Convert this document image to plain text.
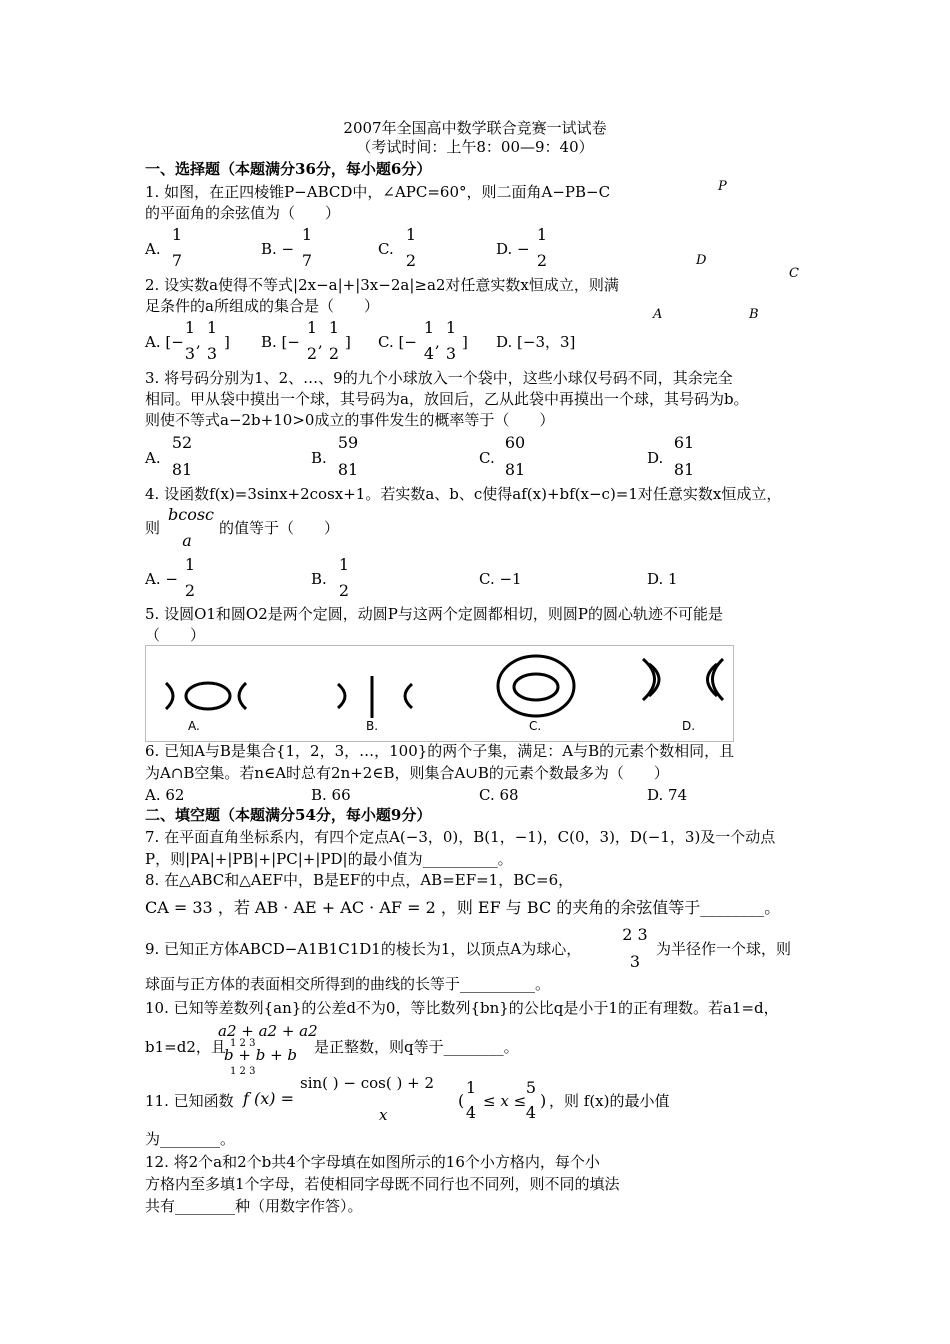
2007年全国高中数学联合竞赛一试试卷
（考试时间：上午8：00—9：40）
一、选择题（本题满分36分，每小题6分）
1. 如图，在正四棱锥P−ABCD中，∠APC=60°，则二面角A−PB−C
的平面角的余弦值为（　　）
A.
1
7
B. −
1
7
C.
1
2
D. −
1
2
P
D
C
A	B
2. 设实数a使得不等式|2x−a|+|3x−2a|≥a2对任意实数x恒成立，则满
足条件的a所组成的集合是（　　）
A. [−
1
3
,
1
3
] B. [−
1
2
,
1
2
] C. [−
1
4
,
1
3
] D. [−3，3]
3. 将号码分别为1、2、…、9的九个小球放入一个袋中，这些小球仅号码不同，其余完全
相同。甲从袋中摸出一个球，其号码为a，放回后，乙从此袋中再摸出一个球，其号码为b。
则使不等式a−2b+10>0成立的事件发生的概率等于（　　）
A.
52
81
B.
59
81
C.
60
81
D.
61
81
4. 设函数f(x)=3sinx+2cosx+1。若实数a、b、c使得af(x)+bf(x−c)=1对任意实数x恒成立，
bcosc
则	的值等于（　　）
a
A. −
1
2
B.
1
2
C. −1	D. 1
5. 设圆O1和圆O2是两个定圆，动圆P与这两个定圆都相切，则圆P的圆心轨迹不可能是
（　　）
A.	B.	C.	D.
6. 已知A与B是集合{1，2，3，…，100}的两个子集，满足：A与B的元素个数相同，且
为A∩B空集。若n∈A时总有2n+2∈B，则集合A∪B的元素个数最多为（　　）
A. 62	B. 66	C. 68	D. 74
二、填空题（本题满分54分，每小题9分）
7. 在平面直角坐标系内，有四个定点A(−3，0)，B(1，−1)，C(0，3)，D(−1，3)及一个动点
P，则|PA|+|PB|+|PC|+|PD|的最小值为__________。
8. 在△ABC和△AEF中，B是EF的中点，AB=EF=1，BC=6，
CA = 33 ，若 AB · AE + AC · AF = 2 ，则 EF 与 BC 的夹角的余弦值等于________。
9. 已知正方体ABCD−A1B1C1D1的棱长为1，以顶点A为球心，
2 3
3
为半径作一个球，则
球面与正方体的表面相交所得到的曲线的长等于__________。
10. 已知等差数列{an}的公差d不为0，等比数列{bn}的公比q是小于1的正有理数。若a1=d，
b1=d2，且
a2 + a2 + a2
1 2 3
b + b + b
1 2 3
是正整数，则q等于________。
11. 已知函数 f (x) =
sin( ) − cos( ) + 2
x
(
1
4
≤ x ≤
5
4
) ，则 f(x)的最小值
为________。
12. 将2个a和2个b共4个字母填在如图所示的16个小方格内，每个小
方格内至多填1个字母，若使相同字母既不同行也不同列，则不同的填法
共有________种（用数字作答）。
